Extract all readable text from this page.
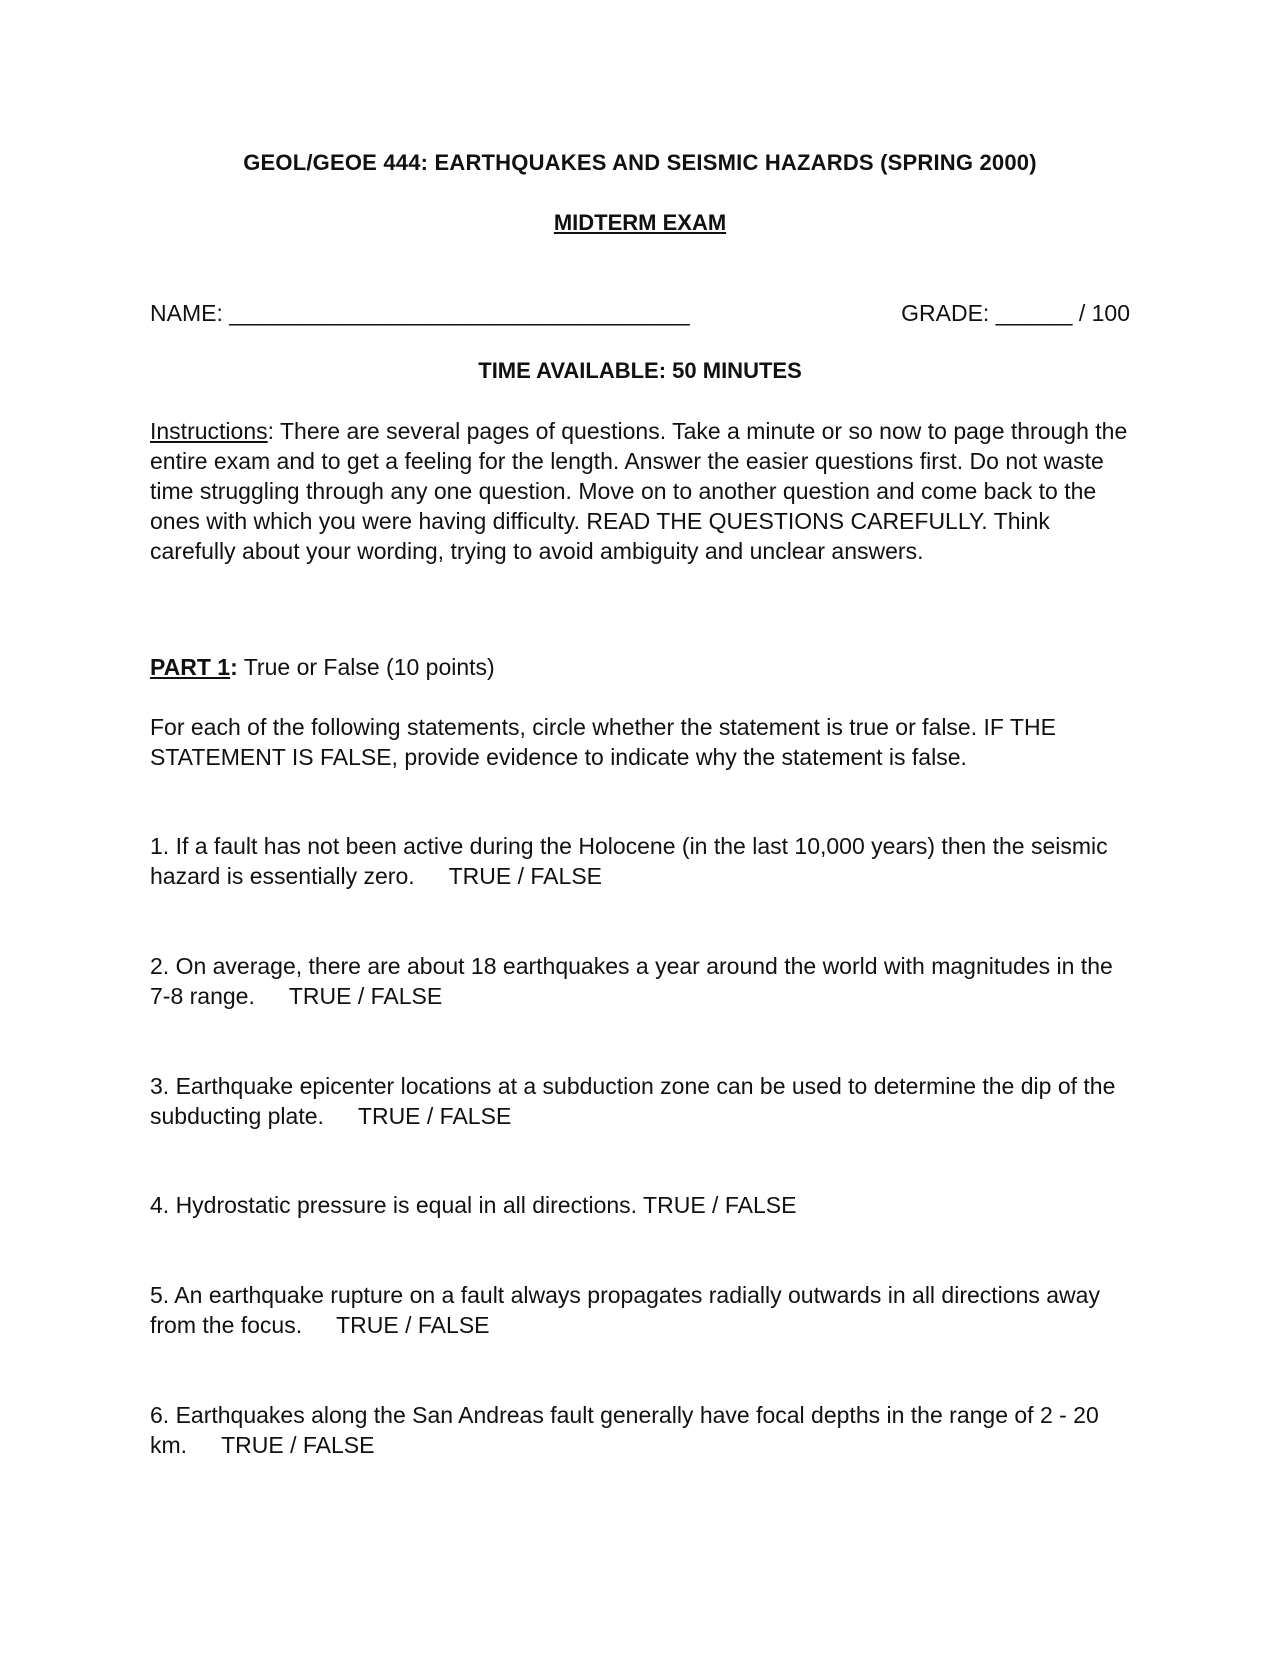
GEOL/GEOE 444: EARTHQUAKES AND SEISMIC HAZARDS (SPRING 2000)
MIDTERM EXAM
NAME: ____________________________________	GRADE: ______ / 100
TIME AVAILABLE: 50 MINUTES

Instructions: There are several pages of questions. Take a minute or so now to page through the entire exam and to get a feeling for the length. Answer the easier questions first. Do not waste time struggling through any one question. Move on to another question and come back to the ones with which you were having difficulty. READ THE QUESTIONS CAREFULLY. Think carefully about your wording, trying to avoid ambiguity and unclear answers.

PART 1: True or False (10 points)

For each of the following statements, circle whether the statement is true or false. IF THE STATEMENT IS FALSE, provide evidence to indicate why the statement is false.

1. If a fault has not been active during the Holocene (in the last 10,000 years) then the seismic hazard is essentially zero. TRUE / FALSE

2. On average, there are about 18 earthquakes a year around the world with magnitudes in the 7-8 range. TRUE / FALSE

3. Earthquake epicenter locations at a subduction zone can be used to determine the dip of the subducting plate. TRUE / FALSE

4. Hydrostatic pressure is equal in all directions. TRUE / FALSE

5. An earthquake rupture on a fault always propagates radially outwards in all directions away from the focus. TRUE / FALSE

6. Earthquakes along the San Andreas fault generally have focal depths in the range of 2 - 20 km. TRUE / FALSE
